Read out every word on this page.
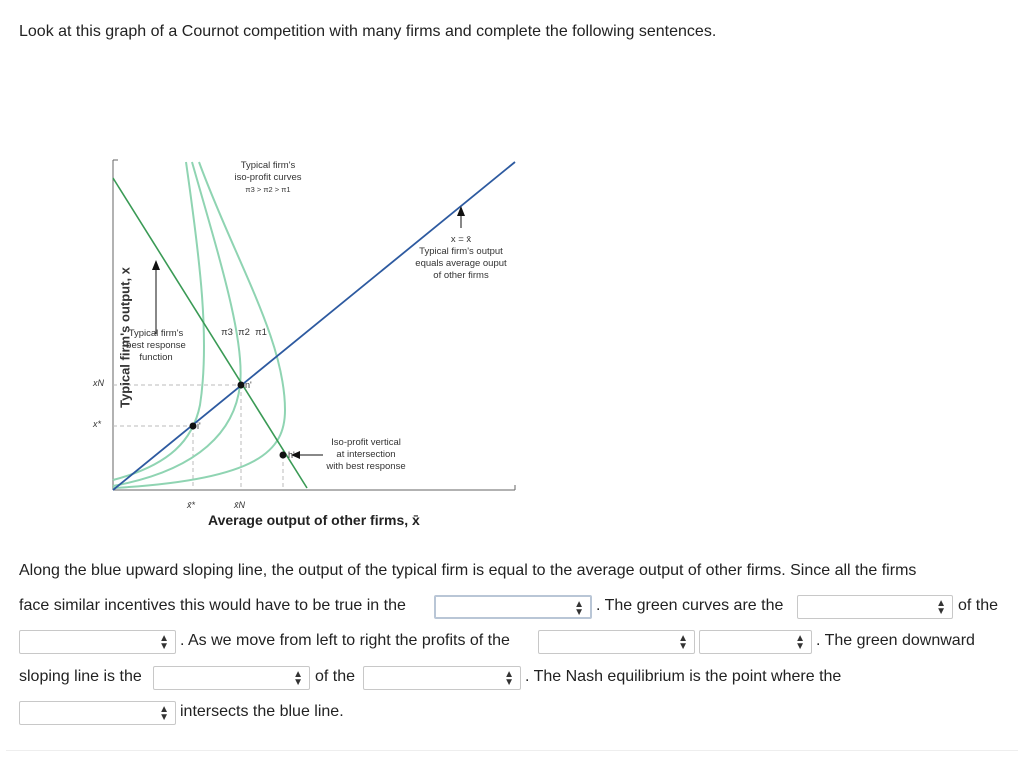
Look at this graph of a Cournot competition with many firms and complete the following sentences.
Typical firm's output, x
Average output of other firms, x̄
Typical firm's
iso-profit curves
π3 > π2 > π1
π3 π2 π1
x = x̄
Typical firm's output
equals average ouput
of other firms
Typical firm's
best response
function
Iso-profit vertical
at intersection
with best response
xN
x*
x̄*	x̄N
n'
i'
h'
Along the blue upward sloping line, the output of the typical firm is equal to the average output of other firms. Since all the firms
face similar incentives this would have to be true in the	▲
▼ . The green curves are the	▲
▼ of the
▲
▼ . As we move from left to right the profits of the	▲
▼
▲
▼ . The green downward
sloping line is the	▲
▼ of the	▲
▼ . The Nash equilibrium is the point where the
▲
▼ intersects the blue line.
